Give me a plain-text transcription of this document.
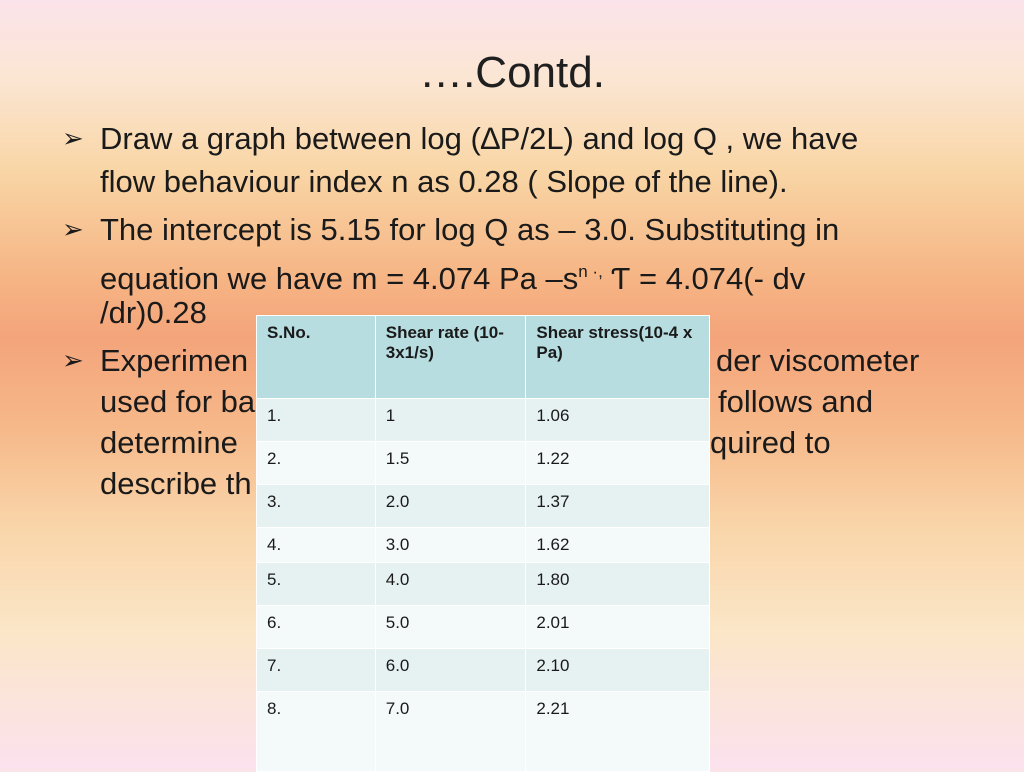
….Contd.
➢ Draw a graph between log (∆P/2L) and log Q , we have
flow behaviour index n as 0.28 ( Slope of the line).
➢ The intercept is 5.15 for log Q as – 3.0. Substituting in
equation we have m = 4.074 Pa $-s^{n \cdot,}$ Ƭ = 4.074(- dv
/dr)0.28
➢ Experimen	der viscometer
used for ba	follows and
determine	quired to
describe th
S.No.	Shear rate (10-3x1/s)	Shear stress(10-4 x Pa)
1.	1	1.06
2.	1.5	1.22
3.	2.0	1.37
4.	3.0	1.62
5.	4.0	1.80
6.	5.0	2.01
7.	6.0	2.10
8.	7.0	2.21
